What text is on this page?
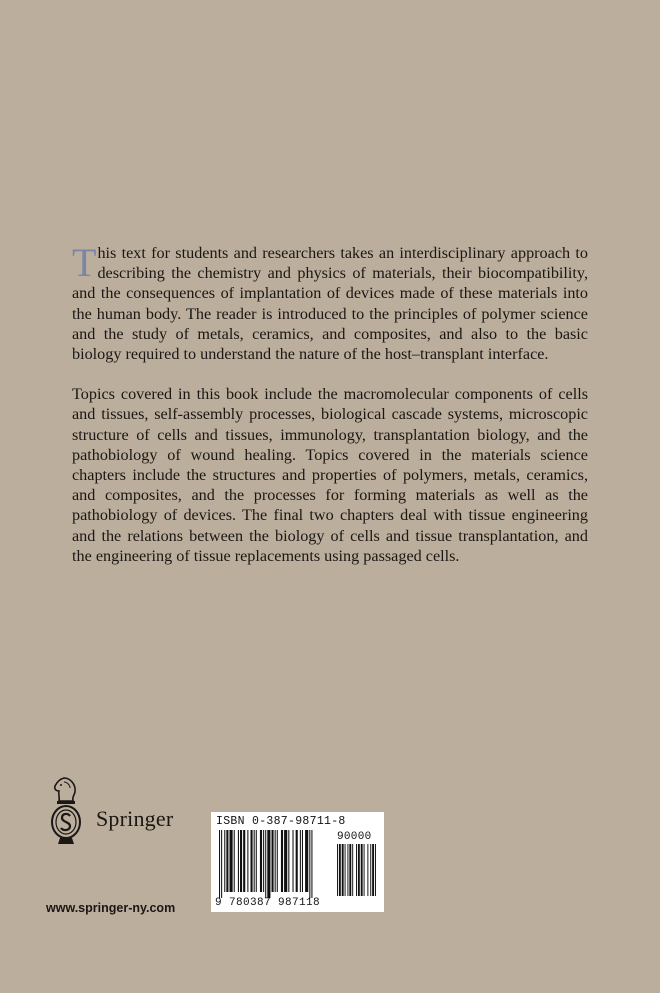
This text for students and researchers takes an interdisciplinary approach to describing the chemistry and physics of materials, their biocompatibility, and the consequences of implantation of devices made of these materials into the human body. The reader is introduced to the principles of polymer science and the study of metals, ceramics, and composites, and also to the basic biology required to understand the nature of the host–transplant interface.

Topics covered in this book include the macromolecular components of cells and tissues, self-assembly processes, biological cascade systems, microscopic structure of cells and tissues, immunology, transplantation biology, and the pathobiology of wound healing. Topics covered in the materials science chapters include the structures and properties of polymers, metals, ceramics, and composites, and the processes for forming materials as well as the pathobiology of devices. The final two chapters deal with tissue engineering and the relations between the biology of cells and tissue transplantation, and the engineering of tissue replacements using passaged cells.

Springer
www.springer-ny.com
ISBN 0-387-98711-8
90000
9 780387 987118
